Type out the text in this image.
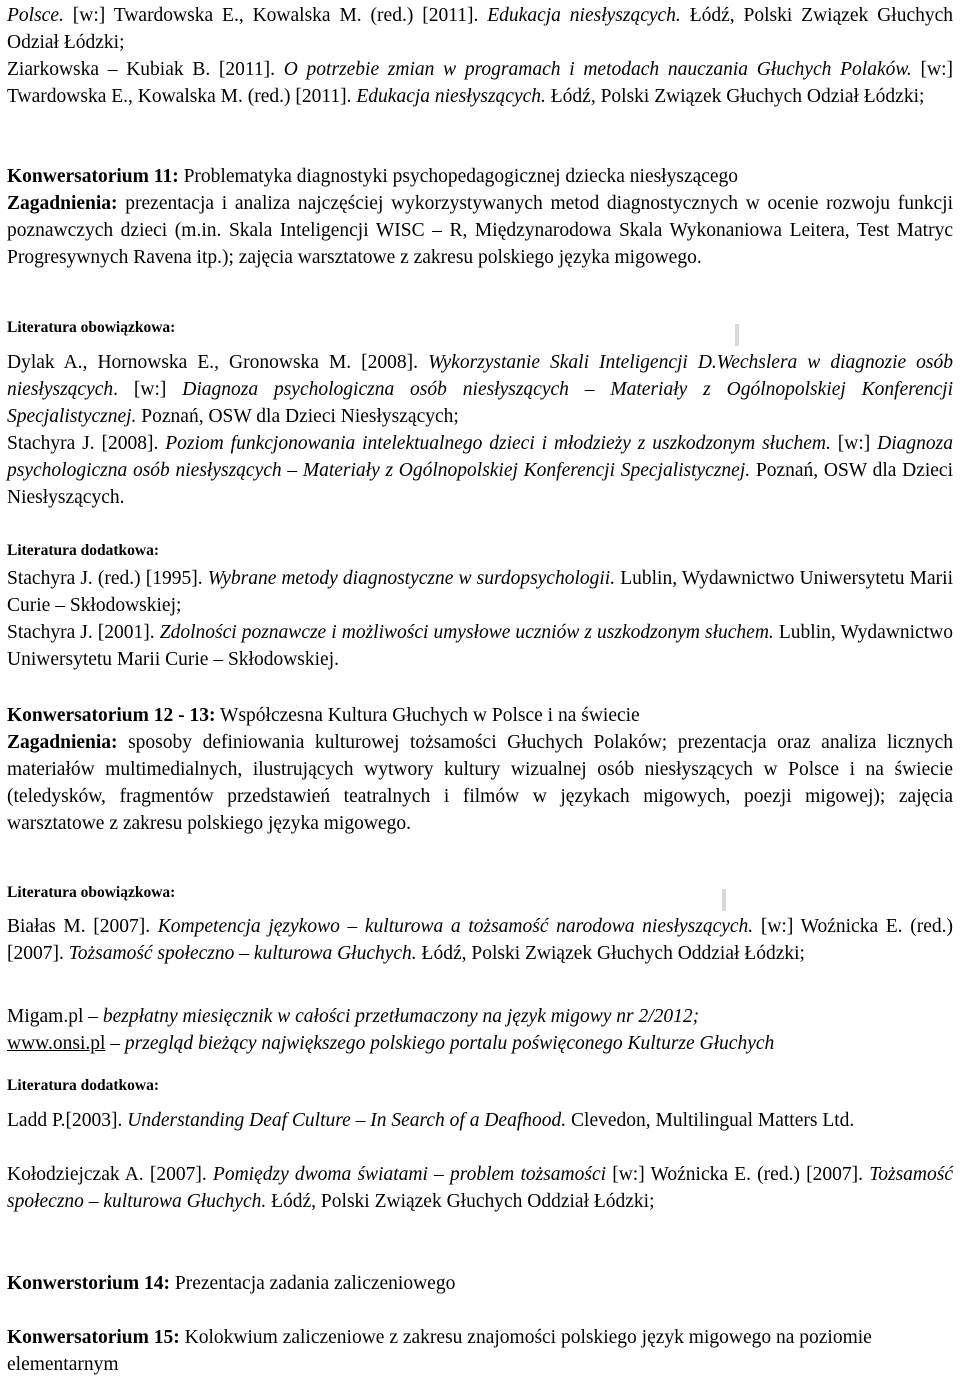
Polsce. [w:] Twardowska E., Kowalska M. (red.) [2011]. Edukacja niesłyszących. Łódź, Polski Związek Głuchych Odział Łódzki;

Ziarkowska – Kubiak B. [2011]. O potrzebie zmian w programach i metodach nauczania Głuchych Polaków. [w:] Twardowska E., Kowalska M. (red.) [2011]. Edukacja niesłyszących. Łódź, Polski Związek Głuchych Odział Łódzki;

Konwersatorium 11: Problematyka diagnostyki psychopedagogicznej dziecka niesłyszącego

Zagadnienia: prezentacja i analiza najczęściej wykorzystywanych metod diagnostycznych w ocenie rozwoju funkcji poznawczych dzieci (m.in. Skala Inteligencji WISC – R, Międzynarodowa Skala Wykonaniowa Leitera, Test Matryc Progresywnych Ravena itp.); zajęcia warsztatowe z zakresu polskiego języka migowego.

Literatura obowiązkowa:

Dylak A., Hornowska E., Gronowska M. [2008]. Wykorzystanie Skali Inteligencji D.Wechslera w diagnozie osób niesłyszących. [w:] Diagnoza psychologiczna osób niesłyszących – Materiały z Ogólnopolskiej Konferencji Specjalistycznej. Poznań, OSW dla Dzieci Niesłyszących;

Stachyra J. [2008]. Poziom funkcjonowania intelektualnego dzieci i młodzieży z uszkodzonym słuchem. [w:] Diagnoza psychologiczna osób niesłyszących – Materiały z Ogólnopolskiej Konferencji Specjalistycznej. Poznań, OSW dla Dzieci Niesłyszących.

Literatura dodatkowa:

Stachyra J. (red.) [1995]. Wybrane metody diagnostyczne w surdopsychologii. Lublin, Wydawnictwo Uniwersytetu Marii Curie – Skłodowskiej;

Stachyra J. [2001]. Zdolności poznawcze i możliwości umysłowe uczniów z uszkodzonym słuchem. Lublin, Wydawnictwo Uniwersytetu Marii Curie – Skłodowskiej.

Konwersatorium 12 - 13: Współczesna Kultura Głuchych w Polsce i na świecie

Zagadnienia: sposoby definiowania kulturowej tożsamości Głuchych Polaków; prezentacja oraz analiza licznych materiałów multimedialnych, ilustrujących wytwory kultury wizualnej osób niesłyszących w Polsce i na świecie (teledysków, fragmentów przedstawień teatralnych i filmów w językach migowych, poezji migowej); zajęcia warsztatowe z zakresu polskiego języka migowego.

Literatura obowiązkowa:

Białas M. [2007]. Kompetencja językowo – kulturowa a tożsamość narodowa niesłyszących. [w:] Woźnicka E. (red.) [2007]. Tożsamość społeczno – kulturowa Głuchych. Łódź, Polski Związek Głuchych Oddział Łódzki;

Migam.pl – bezpłatny miesięcznik w całości przetłumaczony na język migowy nr 2/2012;

www.onsi.pl – przegląd bieżący największego polskiego portalu poświęconego Kulturze Głuchych

Literatura dodatkowa:

Ladd P.[2003]. Understanding Deaf Culture – In Search of a Deafhood. Clevedon, Multilingual Matters Ltd.

Kołodziejczak A. [2007]. Pomiędzy dwoma światami – problem tożsamości [w:] Woźnicka E. (red.) [2007]. Tożsamość społeczno – kulturowa Głuchych. Łódź, Polski Związek Głuchych Oddział Łódzki;

Konwerstorium 14: Prezentacja zadania zaliczeniowego

Konwersatorium 15: Kolokwium zaliczeniowe z zakresu znajomości polskiego język migowego na poziomie elementarnym
